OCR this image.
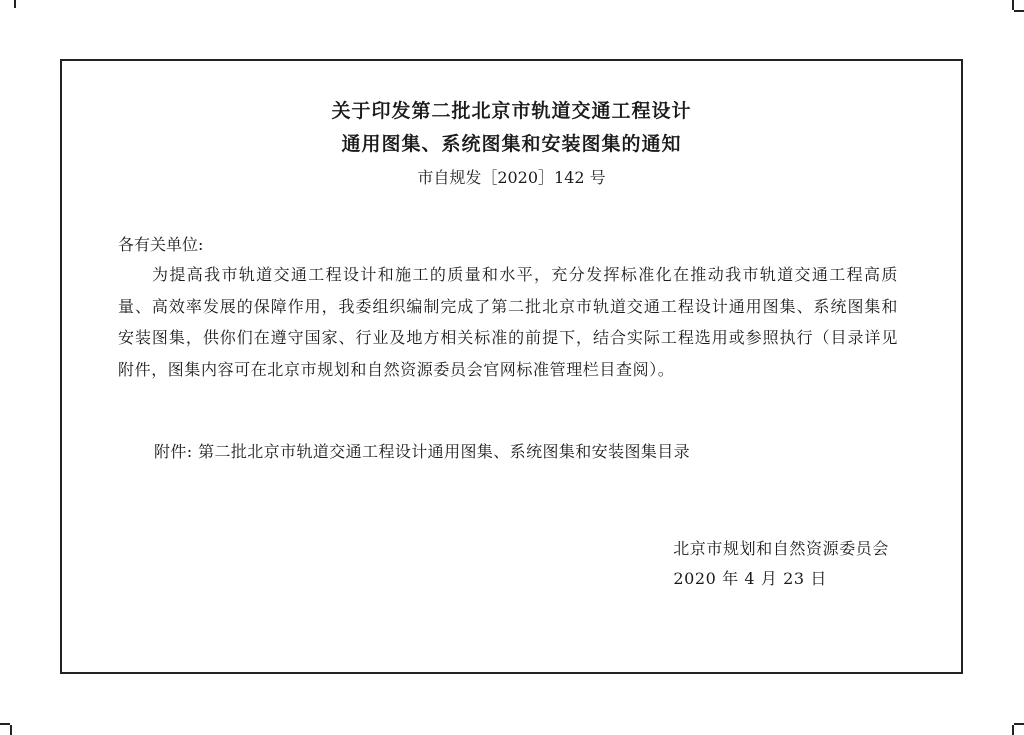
关于印发第二批北京市轨道交通工程设计
通用图集、系统图集和安装图集的通知
市自规发［2020］142 号
各有关单位:
为提高我市轨道交通工程设计和施工的质量和水平，充分发挥标准化在推动我市轨道交通工程高质量、高效率发展的保障作用，我委组织编制完成了第二批北京市轨道交通工程设计通用图集、系统图集和安装图集，供你们在遵守国家、行业及地方相关标准的前提下，结合实际工程选用或参照执行（目录详见附件，图集内容可在北京市规划和自然资源委员会官网标准管理栏目查阅）。
附件: 第二批北京市轨道交通工程设计通用图集、系统图集和安装图集目录
北京市规划和自然资源委员会
2020 年 4 月 23 日
